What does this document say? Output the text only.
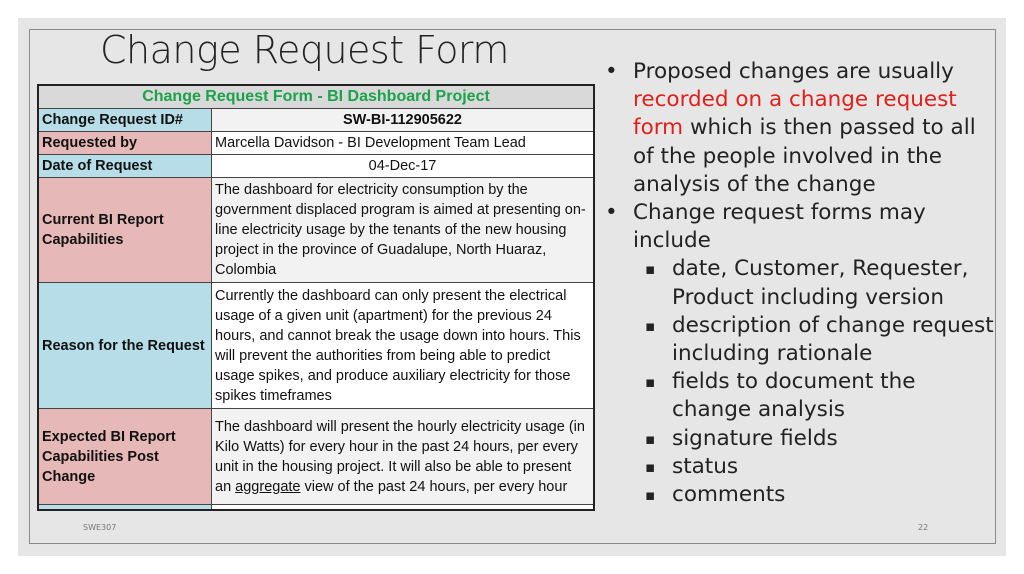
Change Request Form
Change Request Form - BI Dashboard Project	
Change Request ID#	SW-BI-112905622
Requested by	Marcella Davidson - BI Development Team Lead
Date of Request	04-Dec-17
Current BI Report Capabilities	The dashboard for electricity consumption by the government displaced program is aimed at presenting on-line electricity usage by the tenants of the new housing project in the province of Guadalupe, North Huaraz, Colombia
Reason for the Request	Currently the dashboard can only present the electrical usage of a given unit (apartment) for the previous 24 hours, and cannot break the usage down into hours. This will prevent the authorities from being able to predict usage spikes, and produce auxiliary electricity for those spikes timeframes
Expected BI Report Capabilities Post Change	The dashboard will present the hourly electricity usage (in Kilo Watts) for every hour in the past 24 hours, per every unit in the housing project. It will also be able to present an aggregate view of the past 24 hours, per every hour

• Proposed changes are usually recorded on a change request form which is then passed to all of the people involved in the analysis of the change
• Change request forms may include
▪ date, Customer, Requester, Product including version
▪ description of change request including rationale
▪ fields to document the change analysis
▪ signature fields
▪ status
▪ comments
SWE307	22
